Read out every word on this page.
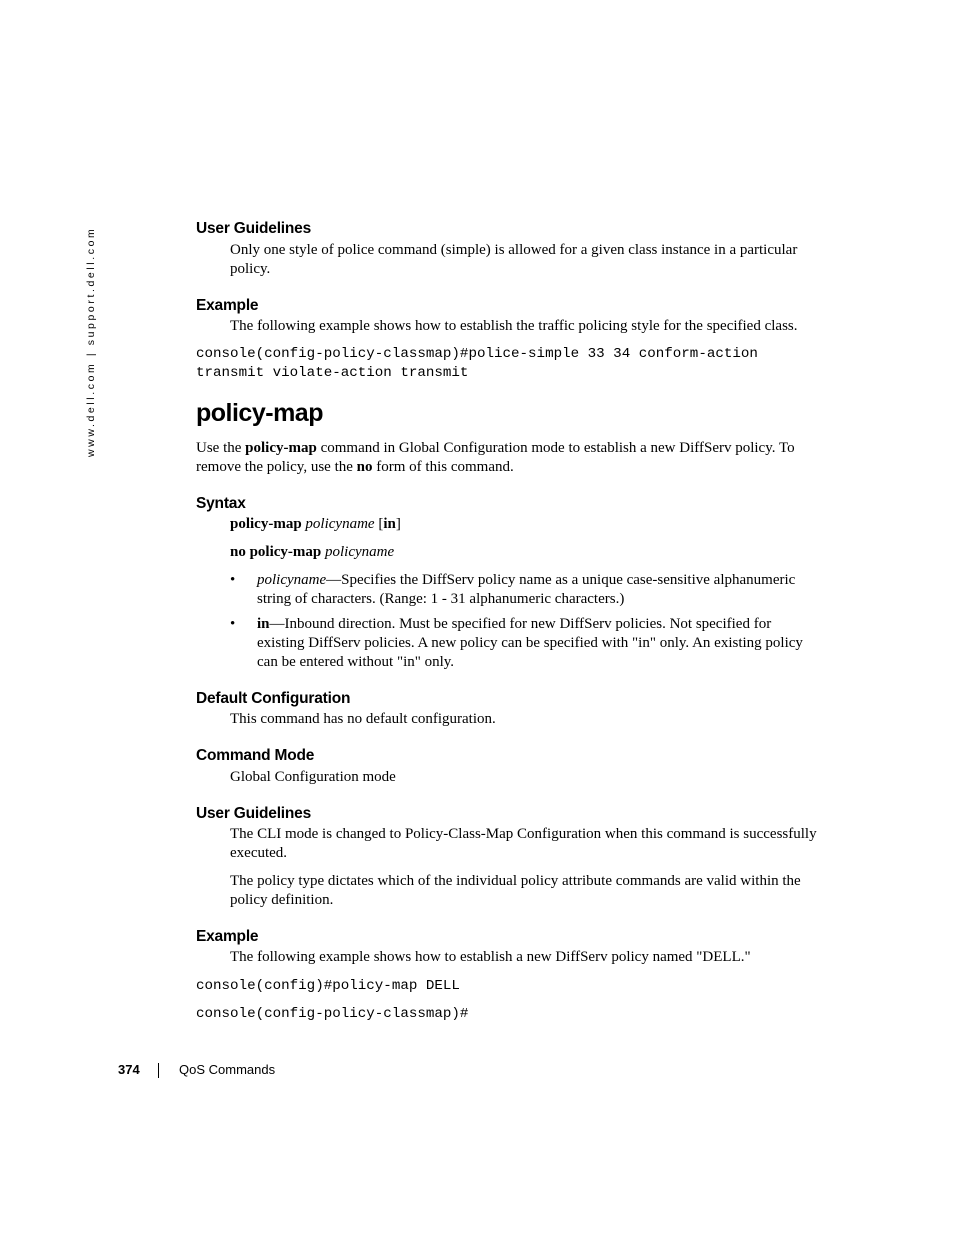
www.dell.com | support.dell.com	User Guidelines
Only one style of police command (simple) is allowed for a given class instance in a particular policy.
Example
The following example shows how to establish the traffic policing style for the specified class.
console(config-policy-classmap)#police-simple 33 34 conform-action
transmit violate-action transmit
policy-map
Use the policy-map command in Global Configuration mode to establish a new DiffServ policy. To remove the policy, use the no form of this command.
Syntax
policy-map policyname [in]
no policy-map policyname
• policyname—Specifies the DiffServ policy name as a unique case-sensitive alphanumeric string of characters. (Range: 1 - 31 alphanumeric characters.)
• in—Inbound direction. Must be specified for new DiffServ policies. Not specified for existing DiffServ policies. A new policy can be specified with "in" only. An existing policy can be entered without "in" only.
Default Configuration
This command has no default configuration.
Command Mode
Global Configuration mode
User Guidelines
The CLI mode is changed to Policy-Class-Map Configuration when this command is successfully executed.
The policy type dictates which of the individual policy attribute commands are valid within the policy definition.
Example
The following example shows how to establish a new DiffServ policy named "DELL."
console(config)#policy-map DELL
console(config-policy-classmap)#
374	QoS Commands
